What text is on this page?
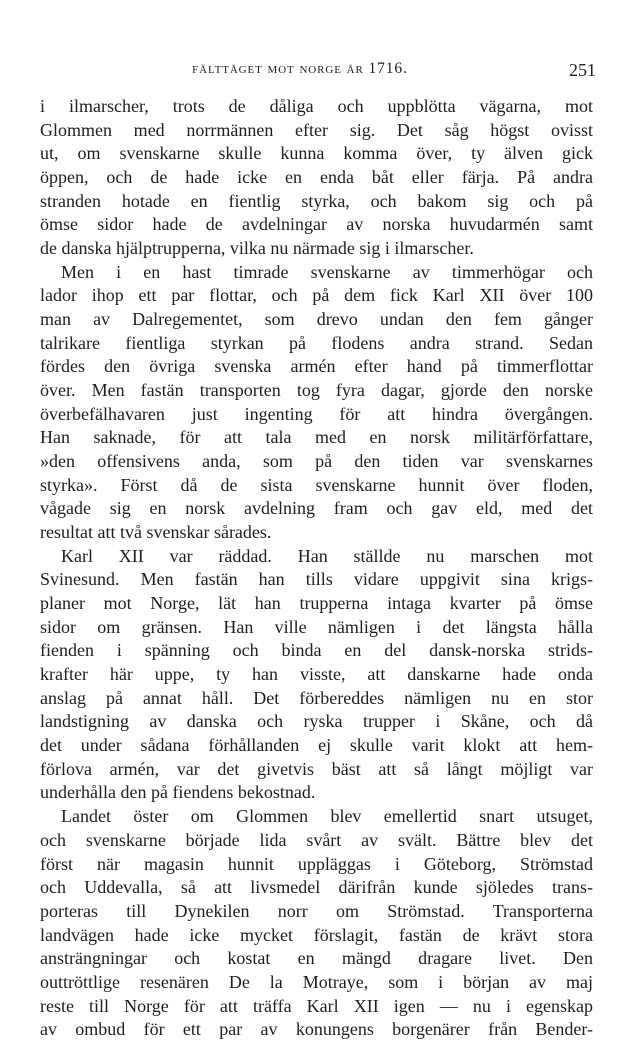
fälttåget mot norge år 1716.	251
i ilmarscher, trots de dåliga och uppblötta vägarna, mot
Glommen med norrmännen efter sig. Det såg högst ovisst
ut, om svenskarne skulle kunna komma över, ty älven gick
öppen, och de hade icke en enda båt eller färja. På andra
stranden hotade en fientlig styrka, och bakom sig och på
ömse sidor hade de avdelningar av norska huvudarmén samt
de danska hjälptrupperna, vilka nu närmade sig i ilmarscher.
Men i en hast timrade svenskarne av timmerhögar och
lador ihop ett par flottar, och på dem fick Karl XII över 100
man av Dalregementet, som drevo undan den fem gånger
talrikare fientliga styrkan på flodens andra strand. Sedan
fördes den övriga svenska armén efter hand på timmerflottar
över. Men fastän transporten tog fyra dagar, gjorde den norske
överbefälhavaren just ingenting för att hindra övergången.
Han saknade, för att tala med en norsk militärförfattare,
»den offensivens anda, som på den tiden var svenskarnes
styrka». Först då de sista svenskarne hunnit över floden,
vågade sig en norsk avdelning fram och gav eld, med det
resultat att två svenskar sårades.
Karl XII var räddad. Han ställde nu marschen mot
Svinesund. Men fastän han tills vidare uppgivit sina krigs-
planer mot Norge, lät han trupperna intaga kvarter på ömse
sidor om gränsen. Han ville nämligen i det längsta hålla
fienden i spänning och binda en del dansk-norska strids-
krafter här uppe, ty han visste, att danskarne hade onda
anslag på annat håll. Det förbereddes nämligen nu en stor
landstigning av danska och ryska trupper i Skåne, och då
det under sådana förhållanden ej skulle varit klokt att hem-
förlova armén, var det givetvis bäst att så långt möjligt var
underhålla den på fiendens bekostnad.
Landet öster om Glommen blev emellertid snart utsuget,
och svenskarne började lida svårt av svält. Bättre blev det
först när magasin hunnit uppläggas i Göteborg, Strömstad
och Uddevalla, så att livsmedel därifrån kunde sjöledes trans-
porteras till Dynekilen norr om Strömstad. Transporterna
landvägen hade icke mycket förslagit, fastän de krävt stora
ansträngningar och kostat en mängd dragare livet. Den
outtröttlige resenären De la Motraye, som i början av maj
reste till Norge för att träffa Karl XII igen — nu i egenskap
av ombud för ett par av konungens borgenärer från Bender-
